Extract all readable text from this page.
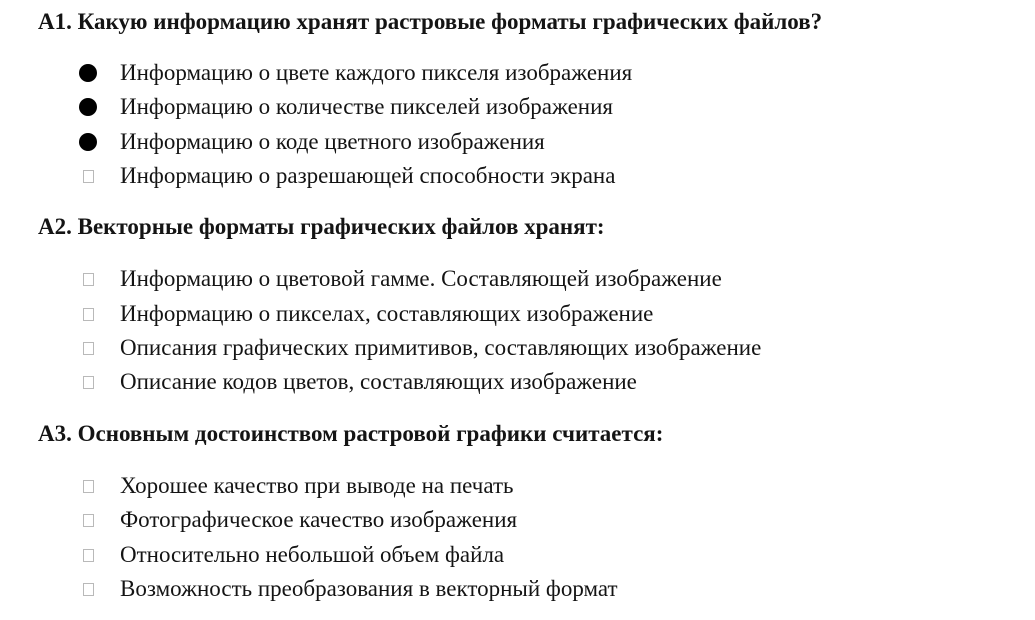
А1. Какую информацию хранят растровые форматы графических файлов?
Информацию о цвете каждого пикселя изображения
Информацию о количестве пикселей изображения
Информацию о коде цветного изображения
Информацию о разрешающей способности экрана
А2. Векторные форматы графических файлов хранят:
Информацию о цветовой гамме. Составляющей изображение
Информацию о пикселах, составляющих изображение
Описания графических примитивов, составляющих изображение
Описание кодов цветов, составляющих изображение
А3. Основным достоинством растровой графики считается:
Хорошее качество при выводе на печать
Фотографическое качество изображения
Относительно небольшой объем файла
Возможность преобразования в векторный формат
